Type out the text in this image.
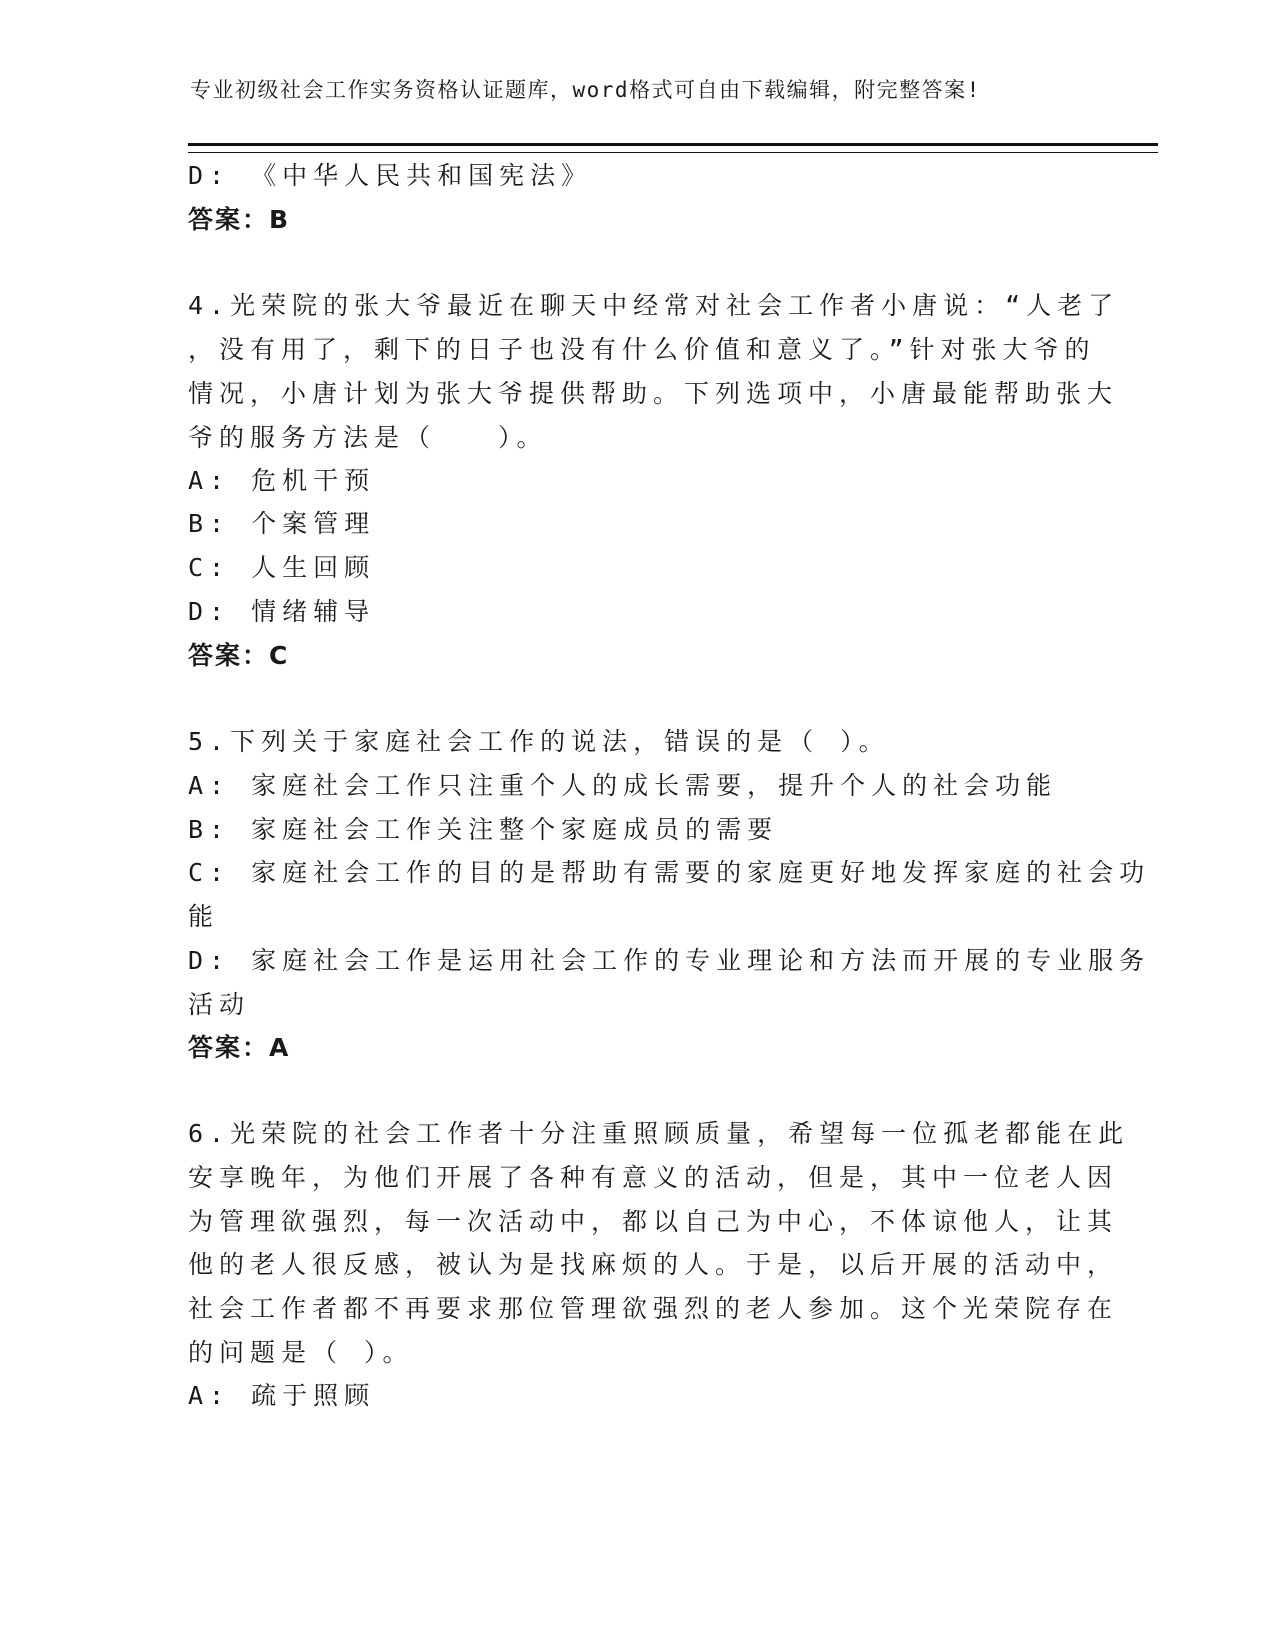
专业初级社会工作实务资格认证题库，word格式可自由下载编辑，附完整答案!
D: 《中华人民共和国宪法》
答案：B
4.光荣院的张大爷最近在聊天中经常对社会工作者小唐说：“人老了
，没有用了，剩下的日子也没有什么价值和意义了。”针对张大爷的
情况，小唐计划为张大爷提供帮助。下列选项中，小唐最能帮助张大
爷的服务方法是（　　）。
A: 危机干预
B: 个案管理
C: 人生回顾
D: 情绪辅导
答案：C
5.下列关于家庭社会工作的说法，错误的是（ ）。
A: 家庭社会工作只注重个人的成长需要，提升个人的社会功能
B: 家庭社会工作关注整个家庭成员的需要
C: 家庭社会工作的目的是帮助有需要的家庭更好地发挥家庭的社会功
能
D: 家庭社会工作是运用社会工作的专业理论和方法而开展的专业服务
活动
答案：A
6.光荣院的社会工作者十分注重照顾质量，希望每一位孤老都能在此
安享晚年，为他们开展了各种有意义的活动，但是，其中一位老人因
为管理欲强烈，每一次活动中，都以自己为中心，不体谅他人，让其
他的老人很反感，被认为是找麻烦的人。于是，以后开展的活动中，
社会工作者都不再要求那位管理欲强烈的老人参加。这个光荣院存在
的问题是（ ）。
A: 疏于照顾
